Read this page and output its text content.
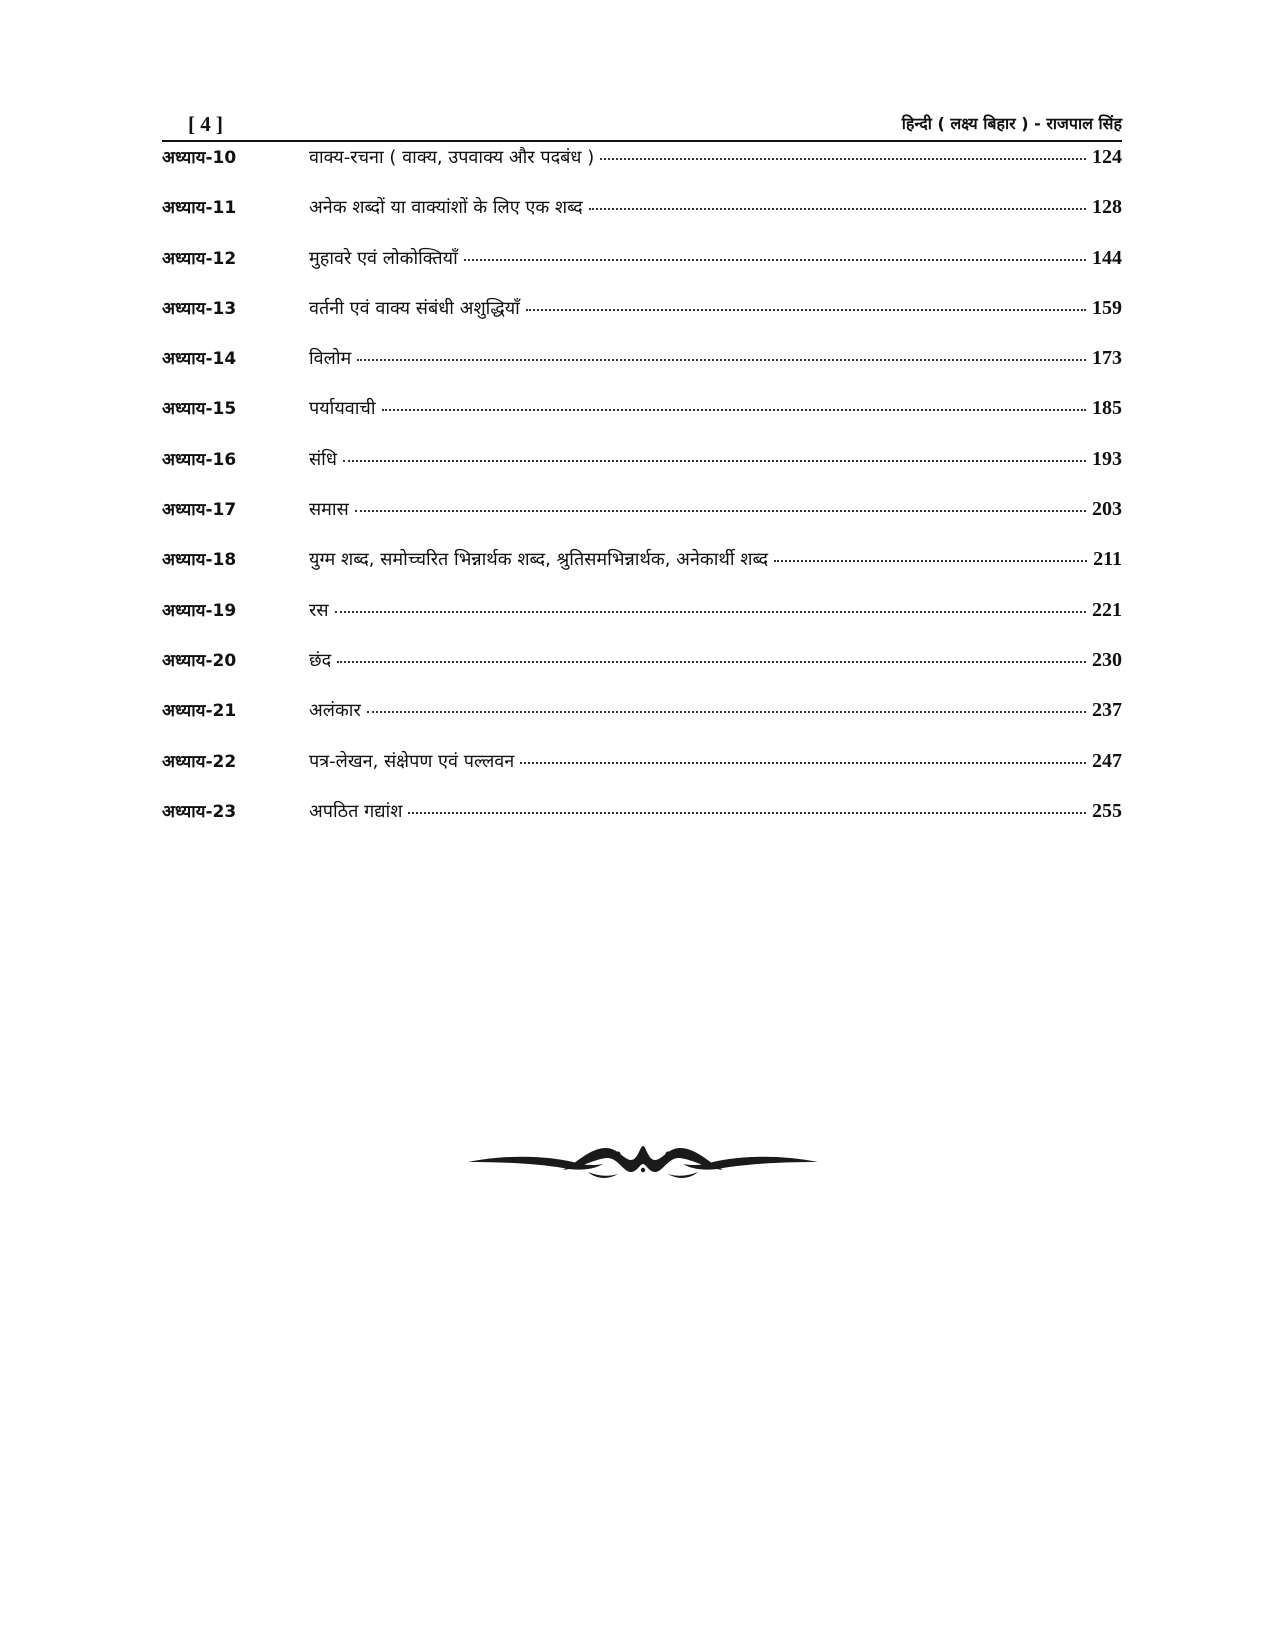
[ 4 ]	हिन्दी ( लक्ष्य बिहार ) - राजपाल सिंह
अध्याय-10	वाक्य-रचना ( वाक्य, उपवाक्य और पदबंध )	124
अध्याय-11	अनेक शब्दों या वाक्यांशों के लिए एक शब्द	128
अध्याय-12	मुहावरे एवं लोकोक्तियाँ	144
अध्याय-13	वर्तनी एवं वाक्य संबंधी अशुद्धियाँ	159
अध्याय-14	विलोम	173
अध्याय-15	पर्यायवाची	185
अध्याय-16	संधि	193
अध्याय-17	समास	203
अध्याय-18	युग्म शब्द, समोच्चरित भिन्नार्थक शब्द, श्रुतिसमभिन्नार्थक, अनेकार्थी शब्द	211
अध्याय-19	रस	221
अध्याय-20	छंद	230
अध्याय-21	अलंकार	237
अध्याय-22	पत्र-लेखन, संक्षेपण एवं पल्लवन	247
अध्याय-23	अपठित गद्यांश	255
